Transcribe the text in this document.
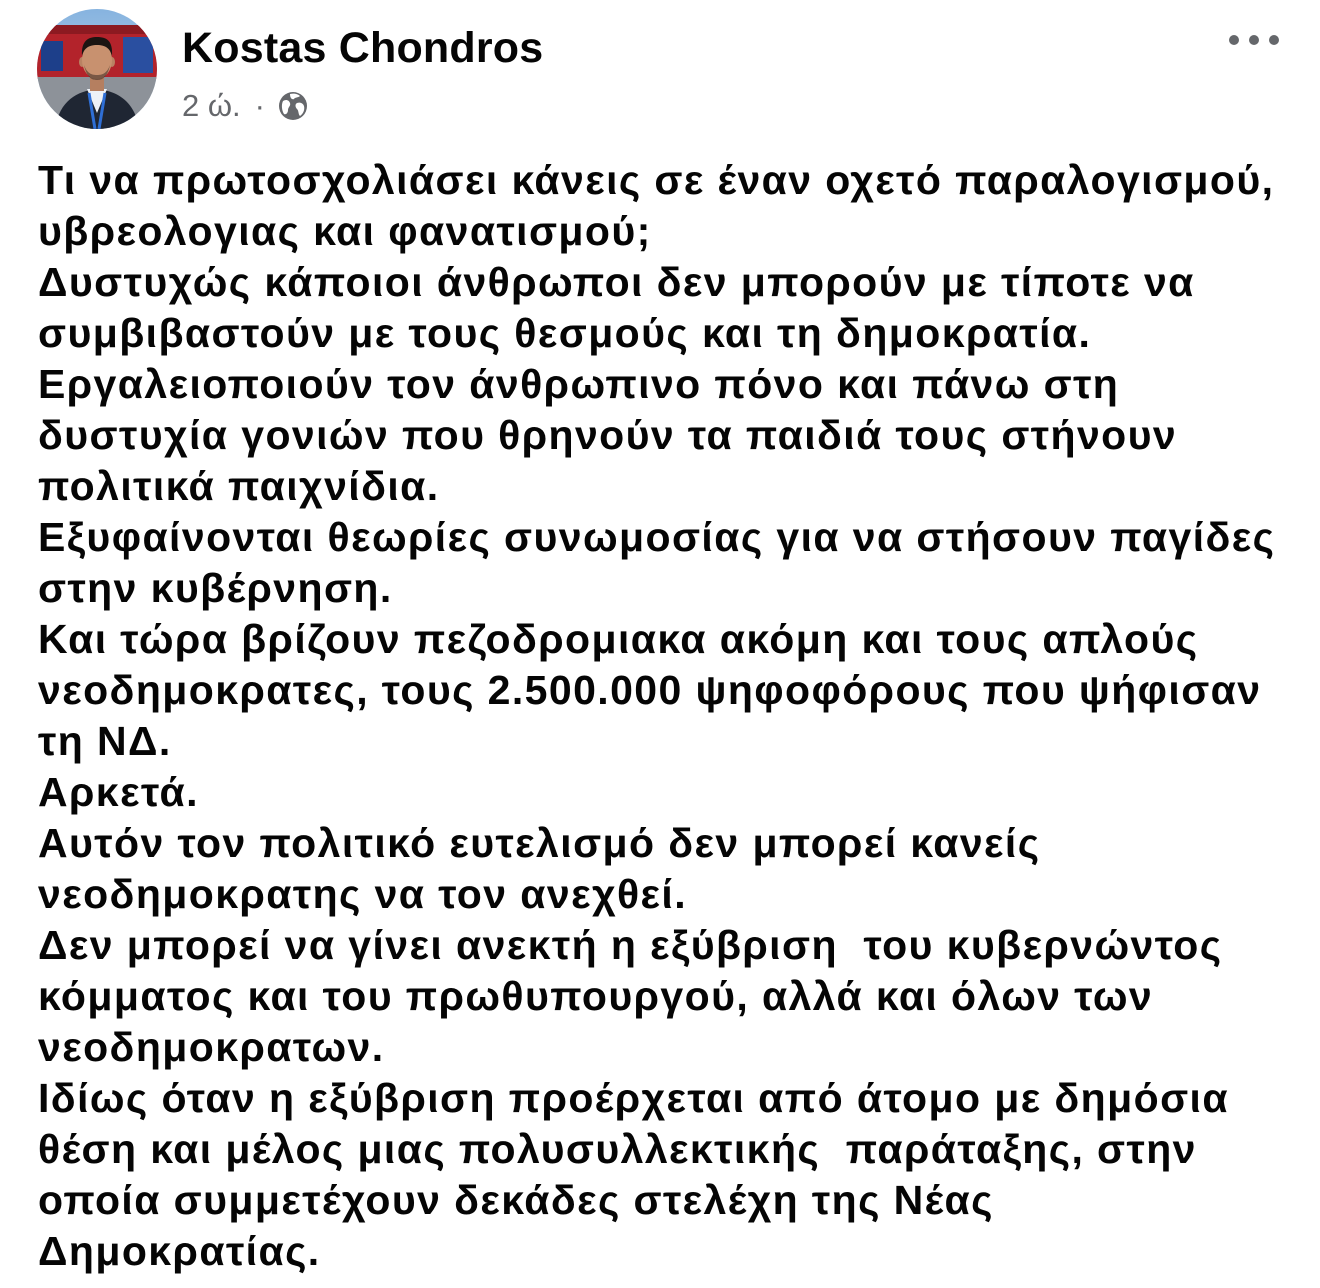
Kostas Chondros
2 ώ. ·
Τι να πρωτοσχολιάσει κάνεις σε έναν οχετό παραλογισμού,
υβρεολογιας και φανατισμού;
Δυστυχώς κάποιοι άνθρωποι δεν μπορούν με τίποτε να
συμβιβαστούν με τους θεσμούς και τη δημοκρατία.
Εργαλειοποιούν τον άνθρωπινο πόνο και πάνω στη
δυστυχία γονιών που θρηνούν τα παιδιά τους στήνουν
πολιτικά παιχνίδια.
Εξυφαίνονται θεωρίες συνωμοσίας για να στήσουν παγίδες
στην κυβέρνηση.
Και τώρα βρίζουν πεζοδρομιακα ακόμη και τους απλούς
νεοδημοκρατες, τους 2.500.000 ψηφοφόρους που ψήφισαν
τη ΝΔ.
Αρκετά.
Αυτόν τον πολιτικό ευτελισμό δεν μπορεί κανείς
νεοδημοκρατης να τον ανεχθεί.
Δεν μπορεί να γίνει ανεκτή η εξύβριση  του κυβερνώντος
κόμματος και του πρωθυπουργού, αλλά και όλων των
νεοδημοκρατων.
Ιδίως όταν η εξύβριση προέρχεται από άτομο με δημόσια
θέση και μέλος μιας πολυσυλλεκτικής  παράταξης, στην
οποία συμμετέχουν δεκάδες στελέχη της Νέας
Δημοκρατίας.
